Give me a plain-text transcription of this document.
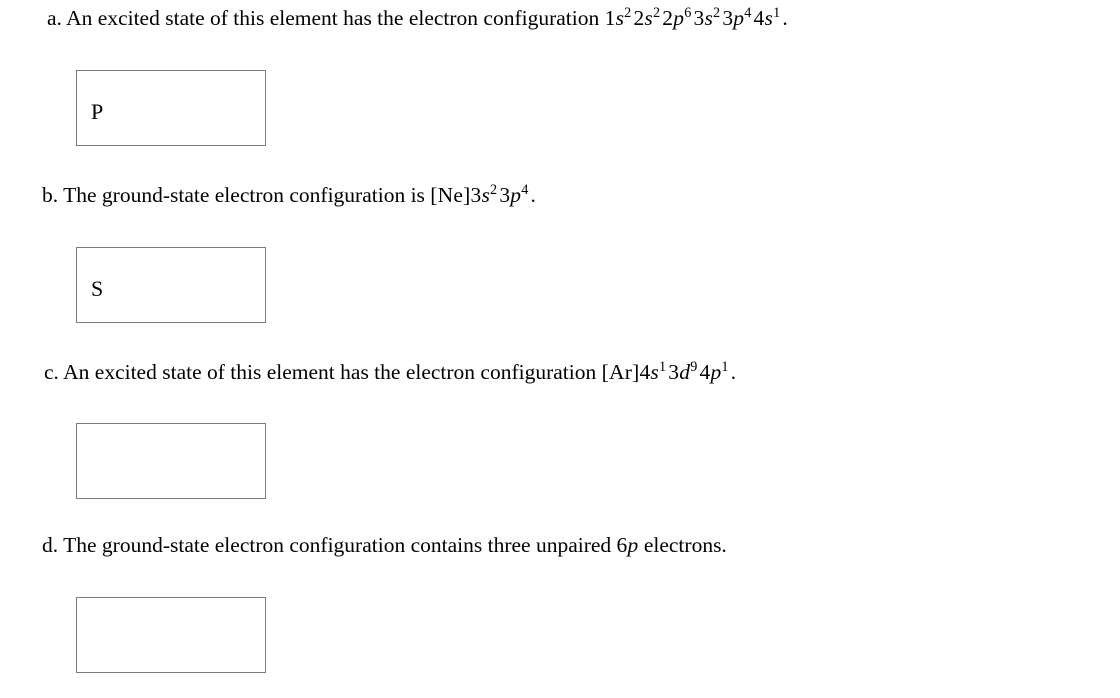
a. An excited state of this element has the electron configuration $1s^22s^22p^63s^23p^44s^1$.
P
b. The ground-state electron configuration is $[Ne]3s^23p^4$.
S
c. An excited state of this element has the electron configuration $[Ar]4s^13d^94p^1$.
d. The ground-state electron configuration contains three unpaired 6p electrons.
